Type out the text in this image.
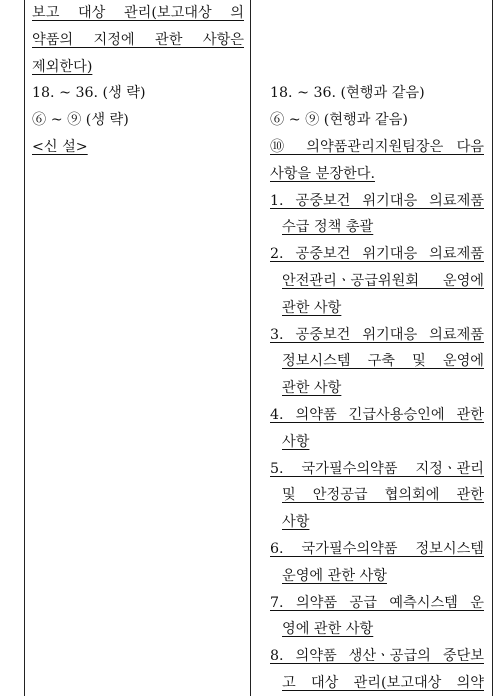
보고 대상 관리(보고대상 의
약품의 지정에 관한 사항은
제외한다)
18. ~ 36. (생 략)
⑥ ~ ⑨ (생 략)
<신 설>
18. ~ 36. (현행과 같음)
⑥ ~ ⑨ (현행과 같음)
⑩ 의약품관리지원팀장은 다음
사항을 분장한다.
1. 공중보건 위기대응 의료제품
수급 정책 총괄
2. 공중보건 위기대응 의료제품
안전관리ㆍ공급위원회 운영에
관한 사항
3. 공중보건 위기대응 의료제품
정보시스템 구축 및 운영에
관한 사항
4. 의약품 긴급사용승인에 관한
사항
5. 국가필수의약품 지정ㆍ관리
및 안정공급 협의회에 관한
사항
6. 국가필수의약품 정보시스템
운영에 관한 사항
7. 의약품 공급 예측시스템 운
영에 관한 사항
8. 의약품 생산ㆍ공급의 중단보
고 대상 관리(보고대상 의약
